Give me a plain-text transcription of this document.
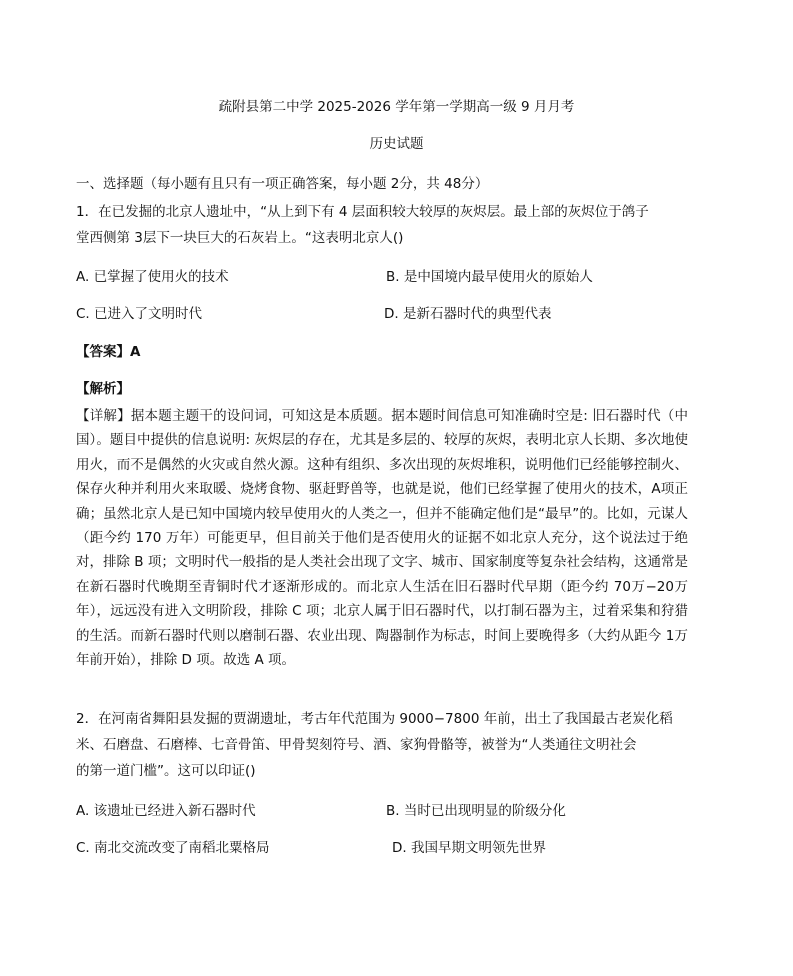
疏附县第二中学 2025-2026 学年第一学期高一级 9 月月考
历史试题
一、选择题（每小题有且只有一项正确答案，每小题 2分，共 48分）
1．在已发掘的北京人遗址中，“从上到下有 4 层面积较大较厚的灰烬层。最上部的灰烬位于鸽子
堂西侧第 3层下一块巨大的石灰岩上。“这表明北京人()
A. 已掌握了使用火的技术	B. 是中国境内最早使用火的原始人
C. 已进入了文明时代	D. 是新石器时代的典型代表
【答案】A
【解析】
【详解】据本题主题干的设问词，可知这是本质题。据本题时间信息可知准确时空是: 旧石器时代（中国）。题目中提供的信息说明: 灰烬层的存在，尤其是多层的、较厚的灰烬，表明北京人长期、多次地使用火，而不是偶然的火灾或自然火源。这种有组织、多次出现的灰烬堆积，说明他们已经能够控制火、保存火种并利用火来取暖、烧烤食物、驱赶野兽等，也就是说，他们已经掌握了使用火的技术，A项正确；虽然北京人是已知中国境内较早使用火的人类之一，但并不能确定他们是“最早”的。比如，元谋人（距今约 170 万年）可能更早，但目前关于他们是否使用火的证据不如北京人充分，这个说法过于绝对，排除 B 项；文明时代一般指的是人类社会出现了文字、城市、国家制度等复杂社会结构，这通常是在新石器时代晚期至青铜时代才逐渐形成的。而北京人生活在旧石器时代早期（距今约 70万−20万年），远远没有进入文明阶段，排除 C 项；北京人属于旧石器时代，以打制石器为主，过着采集和狩猎的生活。而新石器时代则以磨制石器、农业出现、陶器制作为标志，时间上要晚得多（大约从距今 1万年前开始），排除 D 项。故选 A 项。
2．在河南省舞阳县发掘的贾湖遗址，考古年代范围为 9000−7800 年前，出土了我国最古老炭化稻
米、石磨盘、石磨棒、七音骨笛、甲骨契刻符号、酒、家狗骨骼等，被誉为“人类通往文明社会
的第一道门槛”。这可以印证()
A. 该遗址已经进入新石器时代	B. 当时已出现明显的阶级分化
C. 南北交流改变了南稻北粟格局	D. 我国早期文明领先世界
